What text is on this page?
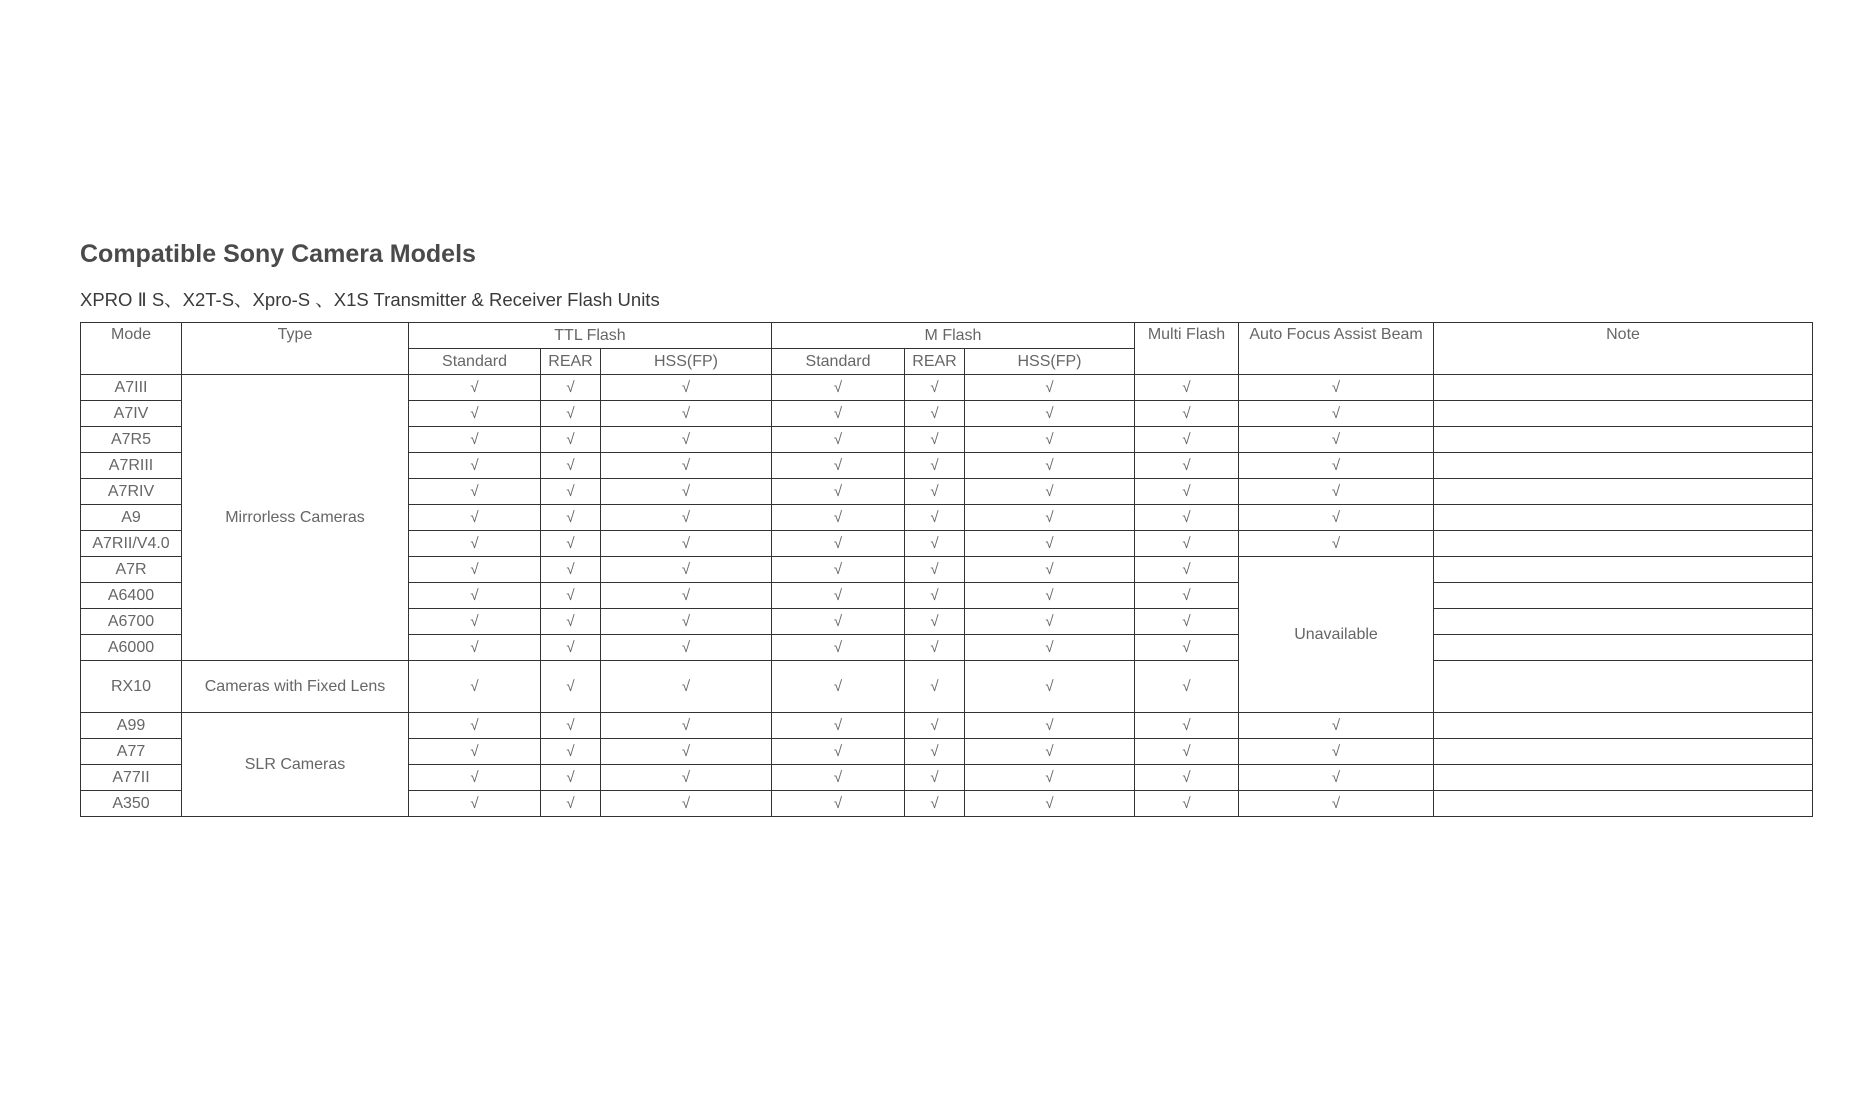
Compatible Sony Camera Models

XPRO Ⅱ S、X2T-S、Xpro-S 、X1S Transmitter & Receiver Flash Units

Mode	Type	TTL Flash			M Flash			Multi Flash	Auto Focus Assist Beam	Note
		Standard	REAR	HSS(FP)	Standard	REAR	HSS(FP)			
A7III	Mirrorless Cameras	√	√	√	√	√	√	√	√	
A7IV		√	√	√	√	√	√	√	√	
A7R5		√	√	√	√	√	√	√	√	
A7RIII		√	√	√	√	√	√	√	√	
A7RIV		√	√	√	√	√	√	√	√	
A9		√	√	√	√	√	√	√	√	
A7RII/V4.0		√	√	√	√	√	√	√	√	
A7R		√	√	√	√	√	√	√	Unavailable	
A6400		√	√	√	√	√	√	√		
A6700		√	√	√	√	√	√	√		
A6000		√	√	√	√	√	√	√		
RX10	Cameras with Fixed Lens	√	√	√	√	√	√	√		
A99	SLR Cameras	√	√	√	√	√	√	√	√	
A77		√	√	√	√	√	√	√	√	
A77II		√	√	√	√	√	√	√	√	
A350		√	√	√	√	√	√	√	√	
